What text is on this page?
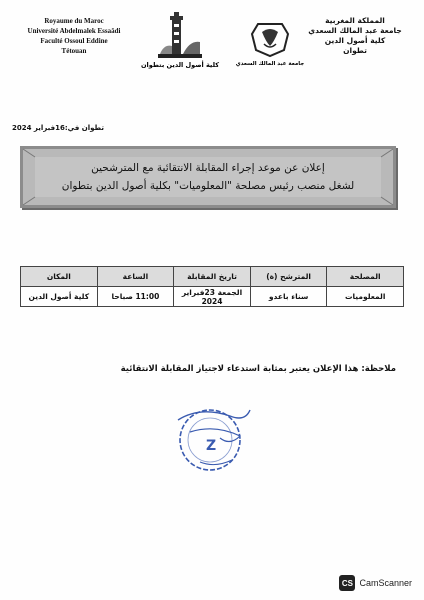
Royaume du Maroc
Université Abdelmalek Essaâdi
Faculté Ossoul Eddine
Tétouan
كلية أصول الدين بتطوان	جامعة عبد المالك السعدي
المملكة المغربية
جامعة عبد المالك السعدي
كلية أصول الدين
تطوان
تطوان في:16فبراير 2024
إعلان عن موعد إجراء المقابلة الانتقائية مع المترشحين
لشغل منصب رئيس مصلحة "المعلوميات" بكلية أصول الدين بتطوان
المصلحة	المترشح (ة)	تاريخ المقابلة	الساعة	المكان
المعلوميات	سناء باعدو	الجمعة 23فبراير 2024	11:00 صباحا	كلية أصول الدين
ملاحظة: هذا الإعلان يعتبر بمثابة استدعاء لاجتياز المقابلة الانتقائية
Z
CS CamScanner
